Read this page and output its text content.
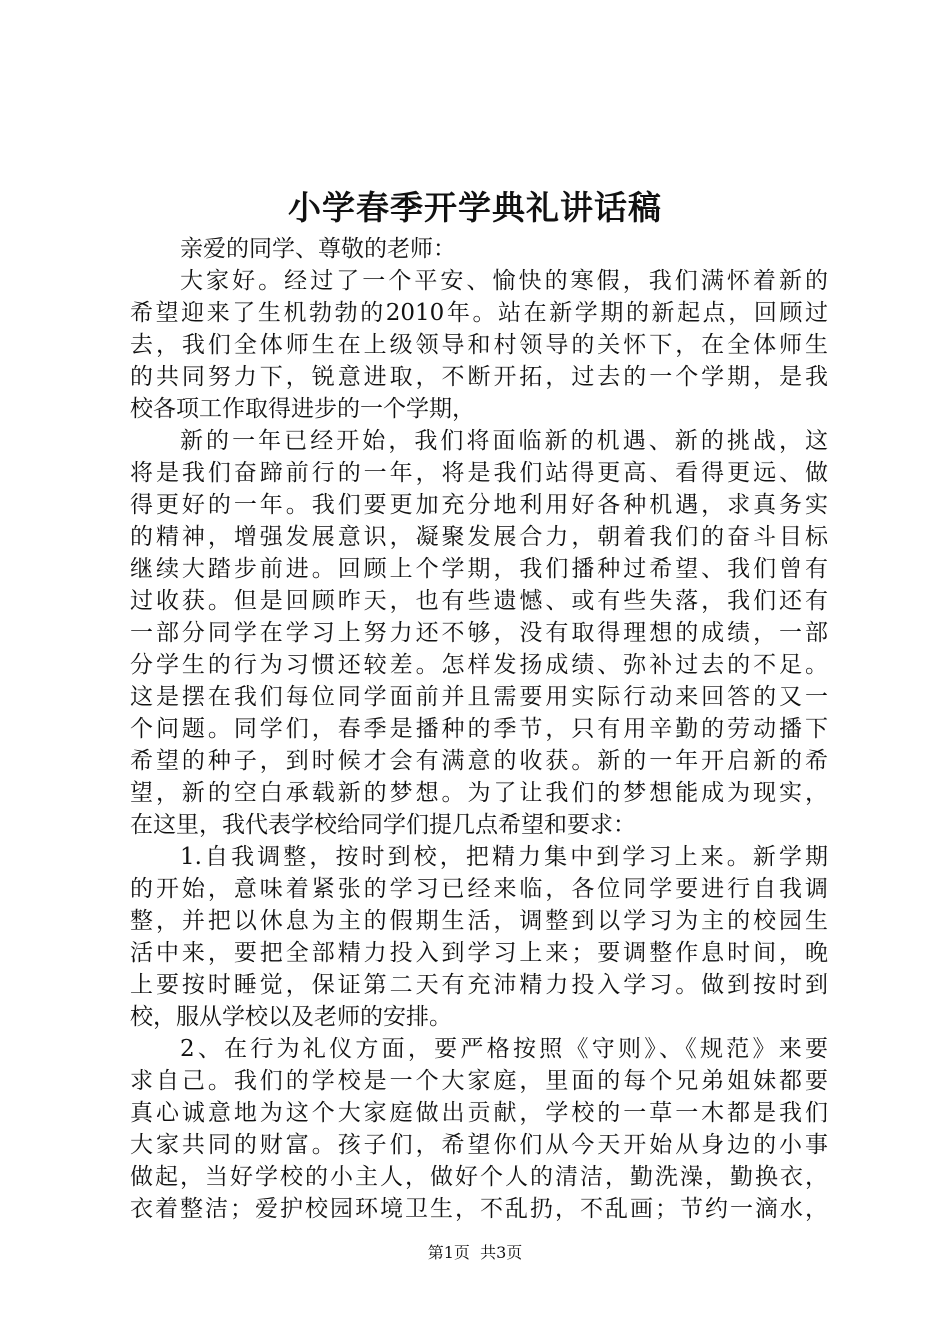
小学春季开学典礼讲话稿
亲爱的同学、尊敬的老师：
大家好。经过了一个平安、愉快的寒假，我们满怀着新的
希望迎来了生机勃勃的2010年。站在新学期的新起点，回顾过
去，我们全体师生在上级领导和村领导的关怀下，在全体师生
的共同努力下，锐意进取，不断开拓，过去的一个学期，是我
校各项工作取得进步的一个学期，
新的一年已经开始，我们将面临新的机遇、新的挑战，这
将是我们奋蹄前行的一年，将是我们站得更高、看得更远、做
得更好的一年。我们要更加充分地利用好各种机遇，求真务实
的精神，增强发展意识，凝聚发展合力，朝着我们的奋斗目标
继续大踏步前进。回顾上个学期，我们播种过希望、我们曾有
过收获。但是回顾昨天，也有些遗憾、或有些失落，我们还有
一部分同学在学习上努力还不够，没有取得理想的成绩，一部
分学生的行为习惯还较差。怎样发扬成绩、弥补过去的不足。
这是摆在我们每位同学面前并且需要用实际行动来回答的又一
个问题。同学们，春季是播种的季节，只有用辛勤的劳动播下
希望的种子，到时候才会有满意的收获。新的一年开启新的希
望，新的空白承载新的梦想。为了让我们的梦想能成为现实，
在这里，我代表学校给同学们提几点希望和要求：
1.自我调整，按时到校，把精力集中到学习上来。新学期
的开始，意味着紧张的学习已经来临，各位同学要进行自我调
整，并把以休息为主的假期生活，调整到以学习为主的校园生
活中来，要把全部精力投入到学习上来；要调整作息时间，晚
上要按时睡觉，保证第二天有充沛精力投入学习。做到按时到
校，服从学校以及老师的安排。
2、在行为礼仪方面，要严格按照《守则》、《规范》来要
求自己。我们的学校是一个大家庭，里面的每个兄弟姐妹都要
真心诚意地为这个大家庭做出贡献，学校的一草一木都是我们
大家共同的财富。孩子们，希望你们从今天开始从身边的小事
做起，当好学校的小主人，做好个人的清洁，勤洗澡，勤换衣，
衣着整洁；爱护校园环境卫生，不乱扔，不乱画；节约一滴水，
第1页  共3页
